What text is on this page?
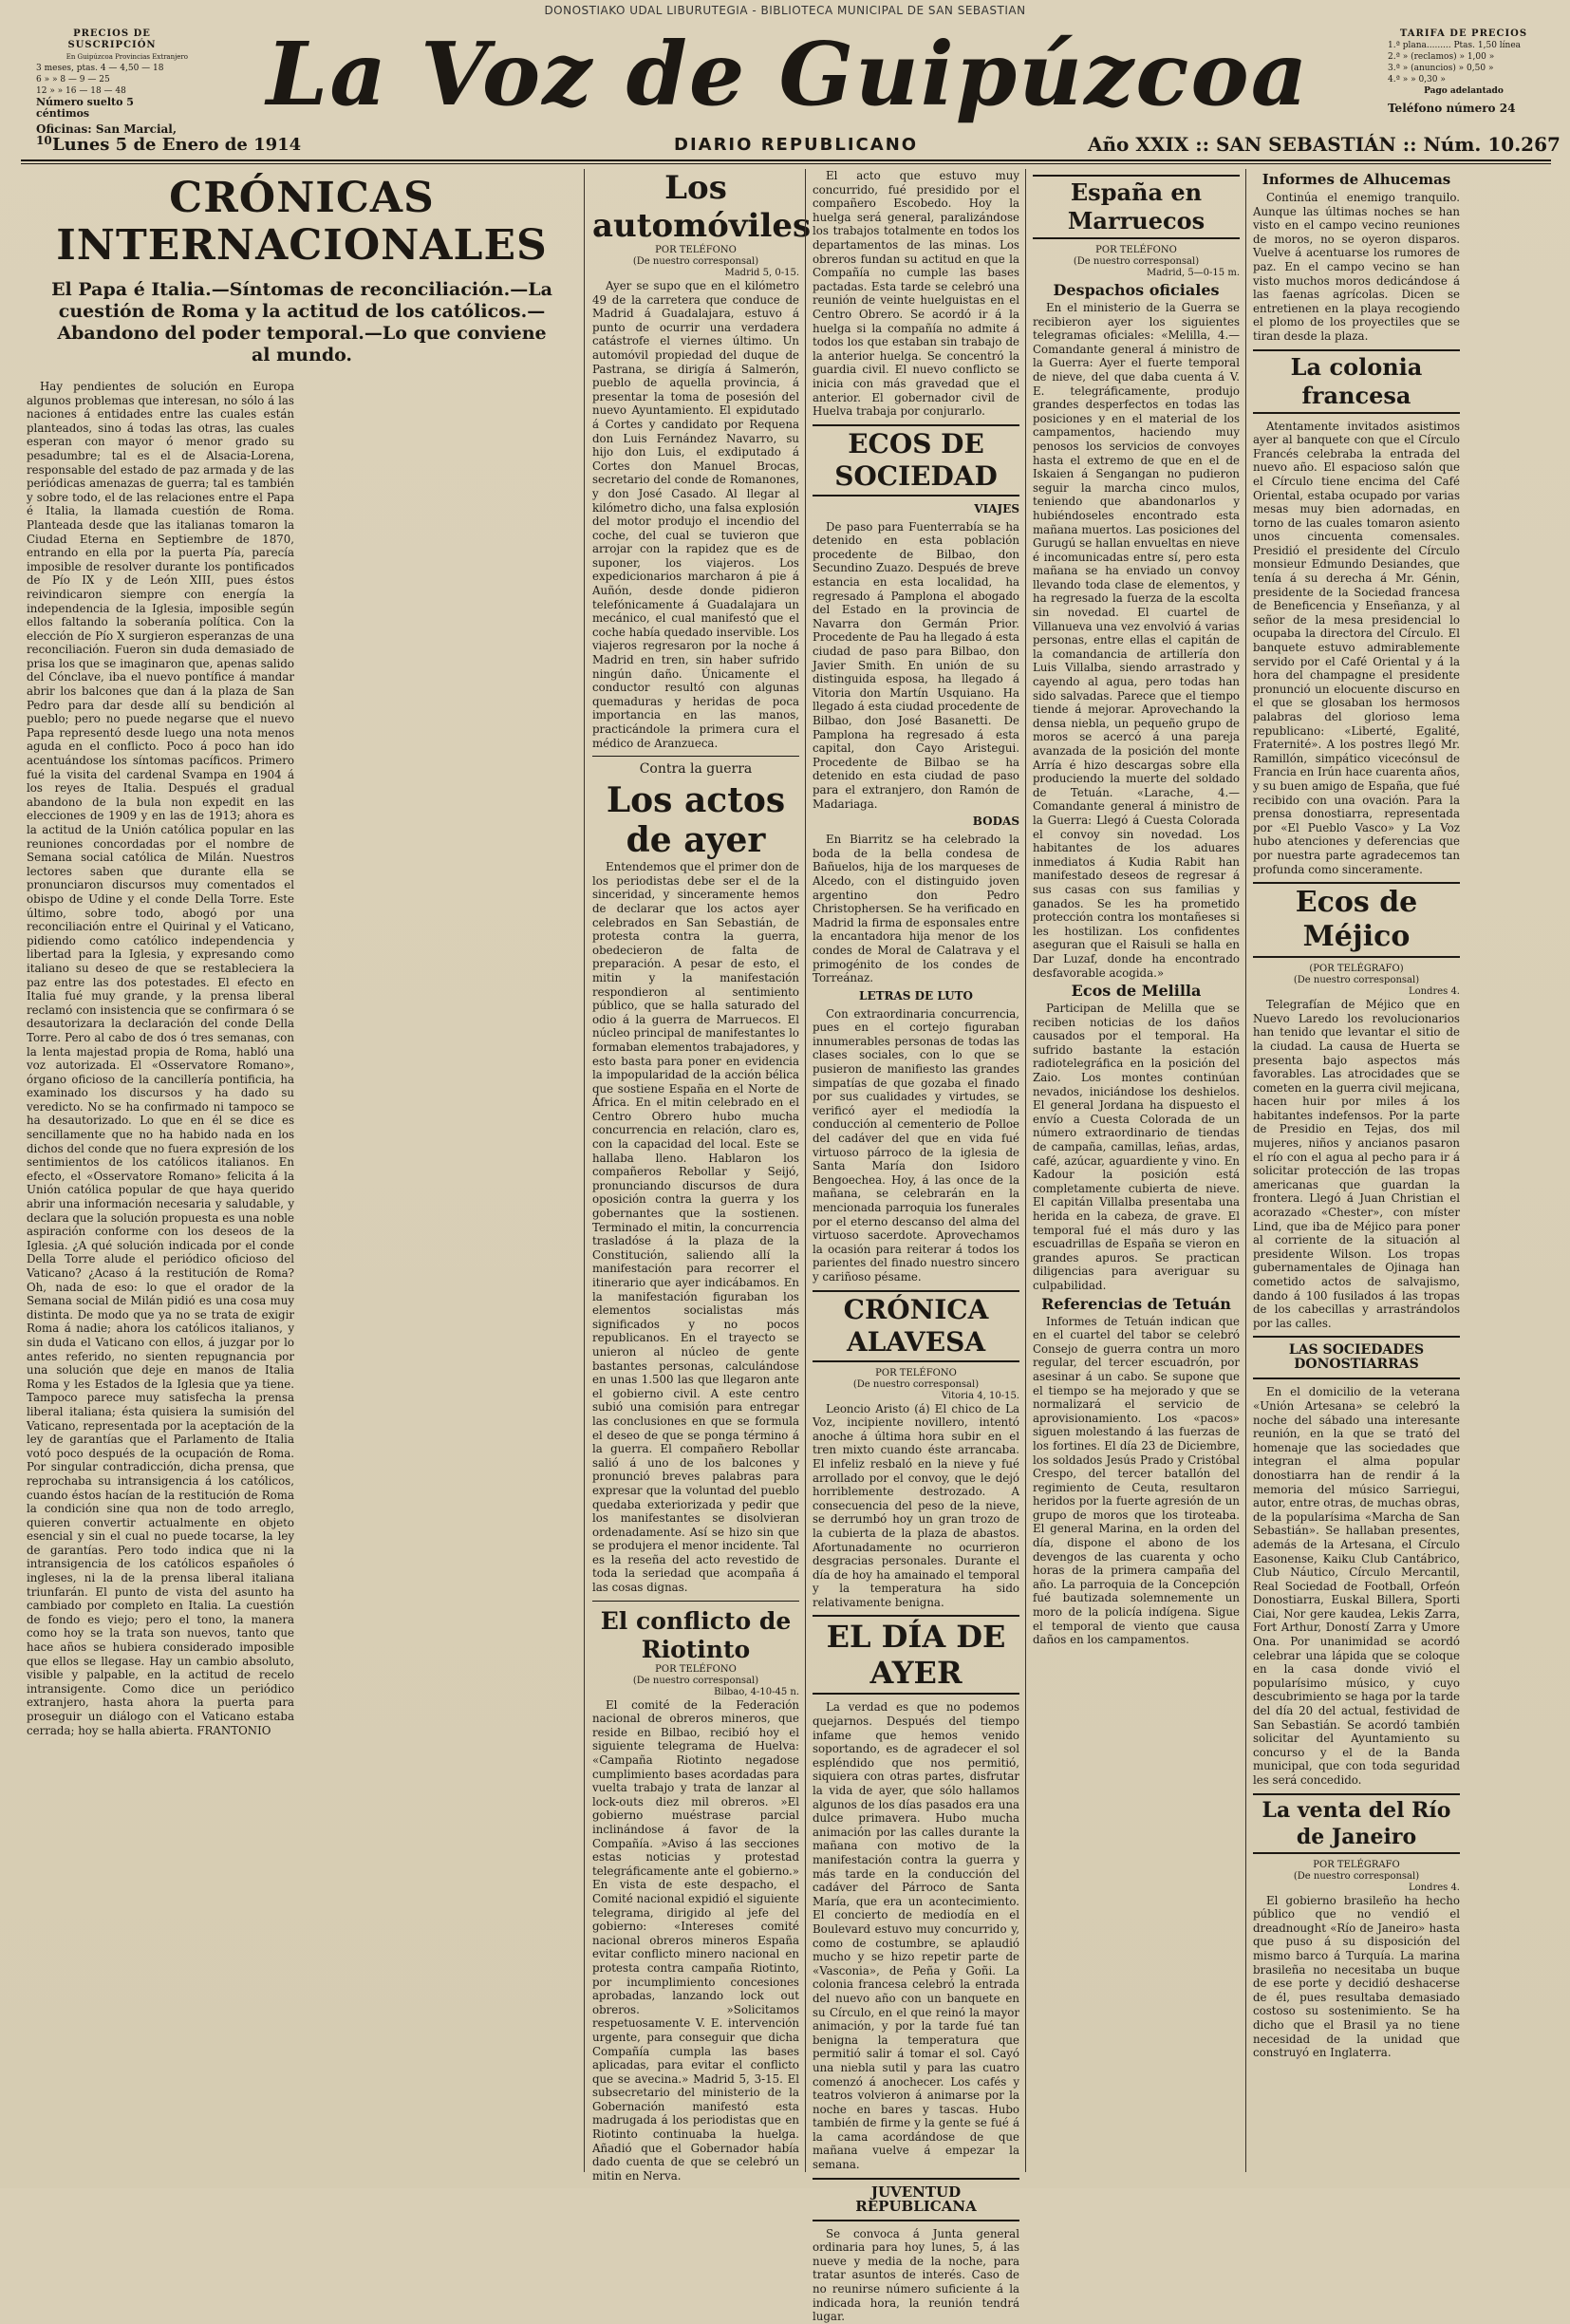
DONOSTIAKO UDAL LIBURUTEGIA - BIBLIOTECA MUNICIPAL DE SAN SEBASTIAN
PRECIOS DE SUSCRIPCIÓN
En Guipúzcoa Provincias Extranjero
3 meses, ptas. 4 — 4,50 — 18
6 » » 8 — 9 — 25
12 » » 16 — 18 — 48
Número suelto 5 céntimos
Oficinas: San Marcial, 10
La Voz de Guipúzcoa	TARIFA DE PRECIOS
1.ª plana......... Ptas. 1,50 línea
2.ª » (reclamos) » 1,00 »
3.ª » (anuncios) » 0,50 »
4.ª » » 0,30 »
Pago adelantado
Teléfono número 24
Lunes 5 de Enero de 1914	DIARIO REPUBLICANO	Año XXIX :: SAN SEBASTIÁN :: Núm. 10.267
CRÓNICAS INTERNACIONALES
El Papa é Italia.—Síntomas de reconciliación.—La cuestión de Roma y la actitud de los católicos.—Abandono del poder temporal.—Lo que conviene al mundo.

Hay pendientes de solución en Europa algunos problemas que interesan, no sólo á las naciones á entidades entre las cuales están planteados, sino á todas las otras, las cuales esperan con mayor ó menor grado su pesadumbre; tal es el de Alsacia-Lorena, responsable del estado de paz armada y de las periódicas amenazas de guerra; tal es también y sobre todo, el de las relaciones entre el Papa é Italia, la llamada cuestión de Roma. Planteada desde que las italianas tomaron la Ciudad Eterna en Septiembre de 1870, entrando en ella por la puerta Pía, parecía imposible de resolver durante los pontificados de Pío IX y de León XIII, pues éstos reivindicaron siempre con energía la independencia de la Iglesia, imposible según ellos faltando la soberanía política. Con la elección de Pío X surgieron esperanzas de una reconciliación. Fueron sin duda demasiado de prisa los que se imaginaron que, apenas salido del Cónclave, iba el nuevo pontífice á mandar abrir los balcones que dan á la plaza de San Pedro para dar desde allí su bendición al pueblo; pero no puede negarse que el nuevo Papa representó desde luego una nota menos aguda en el conflicto. Poco á poco han ido acentuándose los síntomas pacíficos. Primero fué la visita del cardenal Svampa en 1904 á los reyes de Italia. Después el gradual abandono de la bula non expedit en las elecciones de 1909 y en las de 1913; ahora es la actitud de la Unión católica popular en las reuniones concordadas por el nombre de Semana social católica de Milán. Nuestros lectores saben que durante ella se pronunciaron discursos muy comentados el obispo de Udine y el conde Della Torre. Este último, sobre todo, abogó por una reconciliación entre el Quirinal y el Vaticano, pidiendo como católico independencia y libertad para la Iglesia, y expresando como italiano su deseo de que se restableciera la paz entre las dos potestades. El efecto en Italia fué muy grande, y la prensa liberal reclamó con insistencia que se confirmara ó se desautorizara la declaración del conde Della Torre. Pero al cabo de dos ó tres semanas, con la lenta majestad propia de Roma, habló una voz autorizada. El «Osservatore Romano», órgano oficioso de la cancillería pontificia, ha examinado los discursos y ha dado su veredicto. No se ha confirmado ni tampoco se ha desautorizado. Lo que en él se dice es sencillamente que no ha habido nada en los dichos del conde que no fuera expresión de los sentimientos de los católicos italianos. En efecto, el «Osservatore Romano» felicita á la Unión católica popular de que haya querido abrir una información necesaria y saludable, y declara que la solución propuesta es una noble aspiración conforme con los deseos de la Iglesia. ¿A qué solución indicada por el conde Della Torre alude el periódico oficioso del Vaticano? ¿Acaso á la restitución de Roma? Oh, nada de eso: lo que el orador de la Semana social de Milán pidió es una cosa muy distinta. De modo que ya no se trata de exigir Roma á nadie; ahora los católicos italianos, y sin duda el Vaticano con ellos, á juzgar por lo antes referido, no sienten repugnancia por una solución que deje en manos de Italia Roma y les Estados de la Iglesia que ya tiene. Tampoco parece muy satisfecha la prensa liberal italiana; ésta quisiera la sumisión del Vaticano, representada por la aceptación de la ley de garantías que el Parlamento de Italia votó poco después de la ocupación de Roma. Por singular contradicción, dicha prensa, que reprochaba su intransigencia á los católicos, cuando éstos hacían de la restitución de Roma la condición sine qua non de todo arreglo, quieren convertir actualmente en objeto esencial y sin el cual no puede tocarse, la ley de garantías. Pero todo indica que ni la intransigencia de los católicos españoles ó ingleses, ni la de la prensa liberal italiana triunfarán. El punto de vista del asunto ha cambiado por completo en Italia. La cuestión de fondo es viejo; pero el tono, la manera como hoy se la trata son nuevos, tanto que hace años se hubiera considerado imposible que ellos se llegase. Hay un cambio absoluto, visible y palpable, en la actitud de recelo intransigente. Como dice un periódico extranjero, hasta ahora la puerta para proseguir un diálogo con el Vaticano estaba cerrada; hoy se halla abierta. FRANTONIO

Los automóviles
POR TELÉFONO
(De nuestro corresponsal)
Madrid 5, 0-15.

Ayer se supo que en el kilómetro 49 de la carretera que conduce de Madrid á Guadalajara, estuvo á punto de ocurrir una verdadera catástrofe el viernes último. Un automóvil propiedad del duque de Pastrana, se dirigía á Salmerón, pueblo de aquella provincia, á presentar la toma de posesión del nuevo Ayuntamiento. El expidutado á Cortes y candidato por Requena don Luis Fernández Navarro, su hijo don Luis, el exdiputado á Cortes don Manuel Brocas, secretario del conde de Romanones, y don José Casado. Al llegar al kilómetro dicho, una falsa explosión del motor produjo el incendio del coche, del cual se tuvieron que arrojar con la rapidez que es de suponer, los viajeros. Los expedicionarios marcharon á pie á Auñón, desde donde pidieron telefónicamente á Guadalajara un mecánico, el cual manifestó que el coche había quedado inservible. Los viajeros regresaron por la noche á Madrid en tren, sin haber sufrido ningún daño. Únicamente el conductor resultó con algunas quemaduras y heridas de poca importancia en las manos, practicándole la primera cura el médico de Aranzueca.

Contra la guerra
Los actos de ayer

Entendemos que el primer don de los periodistas debe ser el de la sinceridad, y sinceramente hemos de declarar que los actos ayer celebrados en San Sebastián, de protesta contra la guerra, obedecieron de falta de preparación. A pesar de esto, el mitin y la manifestación respondieron al sentimiento público, que se halla saturado del odio á la guerra de Marruecos. El núcleo principal de manifestantes lo formaban elementos trabajadores, y esto basta para poner en evidencia la impopularidad de la acción bélica que sostiene España en el Norte de África. En el mitin celebrado en el Centro Obrero hubo mucha concurrencia en relación, claro es, con la capacidad del local. Este se hallaba lleno. Hablaron los compañeros Rebollar y Seijó, pronunciando discursos de dura oposición contra la guerra y los gobernantes que la sostienen. Terminado el mitin, la concurrencia trasladóse á la plaza de la Constitución, saliendo allí la manifestación para recorrer el itinerario que ayer indicábamos. En la manifestación figuraban los elementos socialistas más significados y no pocos republicanos. En el trayecto se unieron al núcleo de gente bastantes personas, calculándose en unas 1.500 las que llegaron ante el gobierno civil. A este centro subió una comisión para entregar las conclusiones en que se formula el deseo de que se ponga término á la guerra. El compañero Rebollar salió á uno de los balcones y pronunció breves palabras para expresar que la voluntad del pueblo quedaba exteriorizada y pedir que los manifestantes se disolvieran ordenadamente. Así se hizo sin que se produjera el menor incidente. Tal es la reseña del acto revestido de toda la seriedad que acompaña á las cosas dignas.

El conflicto de Riotinto
POR TELÉFONO
(De nuestro corresponsal)
Bilbao, 4-10-45 n.

El comité de la Federación nacional de obreros mineros, que reside en Bilbao, recibió hoy el siguiente telegrama de Huelva: «Campaña Riotinto negadose cumplimiento bases acordadas para vuelta trabajo y trata de lanzar al lock-outs diez mil obreros. »El gobierno muéstrase parcial inclinándose á favor de la Compañía. »Aviso á las secciones estas noticias y protestad telegráficamente ante el gobierno.» En vista de este despacho, el Comité nacional expidió el siguiente telegrama, dirigido al jefe del gobierno: «Intereses comité nacional obreros mineros España evitar conflicto minero nacional en protesta contra campaña Riotinto, por incumplimiento concesiones aprobadas, lanzando lock out obreros. »Solicitamos respetuosamente V. E. intervención urgente, para conseguir que dicha Compañía cumpla las bases aplicadas, para evitar el conflicto que se avecina.» Madrid 5, 3-15. El subsecretario del ministerio de la Gobernación manifestó esta madrugada á los periodistas que en Riotinto continuaba la huelga. Añadió que el Gobernador había dado cuenta de que se celebró un mitin en Nerva.

El acto que estuvo muy concurrido, fué presidido por el compañero Escobedo. Hoy la huelga será general, paralizándose los trabajos totalmente en todos los departamentos de las minas. Los obreros fundan su actitud en que la Compañía no cumple las bases pactadas. Esta tarde se celebró una reunión de veinte huelguistas en el Centro Obrero. Se acordó ir á la huelga si la compañía no admite á todos los que estaban sin trabajo de la anterior huelga. Se concentró la guardia civil. El nuevo conflicto se inicia con más gravedad que el anterior. El gobernador civil de Huelva trabaja por conjurarlo.

ECOS DE SOCIEDAD
VIAJES

De paso para Fuenterrabía se ha detenido en esta población procedente de Bilbao, don Secundino Zuazo. Después de breve estancia en esta localidad, ha regresado á Pamplona el abogado del Estado en la provincia de Navarra don Germán Prior. Procedente de Pau ha llegado á esta ciudad de paso para Bilbao, don Javier Smith. En unión de su distinguida esposa, ha llegado á Vitoria don Martín Usquiano. Ha llegado á esta ciudad procedente de Bilbao, don José Basanetti. De Pamplona ha regresado á esta capital, don Cayo Aristegui. Procedente de Bilbao se ha detenido en esta ciudad de paso para el extranjero, don Ramón de Madariaga.

BODAS

En Biarritz se ha celebrado la boda de la bella condesa de Bañuelos, hija de los marqueses de Alcedo, con el distinguido joven argentino don Pedro Christophersen. Se ha verificado en Madrid la firma de esponsales entre la encantadora hija menor de los condes de Moral de Calatrava y el primogénito de los condes de Torreánaz.

LETRAS DE LUTO

Con extraordinaria concurrencia, pues en el cortejo figuraban innumerables personas de todas las clases sociales, con lo que se pusieron de manifiesto las grandes simpatías de que gozaba el finado por sus cualidades y virtudes, se verificó ayer el mediodía la conducción al cementerio de Polloe del cadáver del que en vida fué virtuoso párroco de la iglesia de Santa María don Isidoro Bengoechea. Hoy, á las once de la mañana, se celebrarán en la mencionada parroquia los funerales por el eterno descanso del alma del virtuoso sacerdote. Aprovechamos la ocasión para reiterar á todos los parientes del finado nuestro sincero y cariñoso pésame.

CRÓNICA ALAVESA
POR TELÉFONO
(De nuestro corresponsal)
Vitoria 4, 10-15.

Leoncio Aristo (á) El chico de La Voz, incipiente novillero, intentó anoche á última hora subir en el tren mixto cuando éste arrancaba. El infeliz resbaló en la nieve y fué arrollado por el convoy, que le dejó horriblemente destrozado. A consecuencia del peso de la nieve, se derrumbó hoy un gran trozo de la cubierta de la plaza de abastos. Afortunadamente no ocurrieron desgracias personales. Durante el día de hoy ha amainado el temporal y la temperatura ha sido relativamente benigna.

EL DÍA DE AYER

La verdad es que no podemos quejarnos. Después del tiempo infame que hemos venido soportando, es de agradecer el sol espléndido que nos permitió, siquiera con otras partes, disfrutar la vida de ayer, que sólo hallamos algunos de los días pasados era una dulce primavera. Hubo mucha animación por las calles durante la mañana con motivo de la manifestación contra la guerra y más tarde en la conducción del cadáver del Párroco de Santa María, que era un acontecimiento. El concierto de mediodía en el Boulevard estuvo muy concurrido y, como de costumbre, se aplaudió mucho y se hizo repetir parte de «Vasconia», de Peña y Goñi. La colonia francesa celebró la entrada del nuevo año con un banquete en su Círculo, en el que reinó la mayor animación, y por la tarde fué tan benigna la temperatura que permitió salir á tomar el sol. Cayó una niebla sutil y para las cuatro comenzó á anochecer. Los cafés y teatros volvieron á animarse por la noche en bares y tascas. Hubo también de firme y la gente se fué á la cama acordándose de que mañana vuelve á empezar la semana.

JUVENTUD REPUBLICANA

Se convoca á Junta general ordinaria para hoy lunes, 5, á las nueve y media de la noche, para tratar asuntos de interés. Caso de no reunirse número suficiente á la indicada hora, la reunión tendrá lugar.

España en Marruecos
POR TELÉFONO
(De nuestro corresponsal)
Madrid, 5—0-15 m.
Despachos oficiales

En el ministerio de la Guerra se recibieron ayer los siguientes telegramas oficiales: «Melilla, 4.—Comandante general á ministro de la Guerra: Ayer el fuerte temporal de nieve, del que daba cuenta á V. E. telegráficamente, produjo grandes desperfectos en todas las posiciones y en el material de los campamentos, haciendo muy penosos los servicios de convoyes hasta el extremo de que en el de Iskaien á Sengangan no pudieron seguir la marcha cinco mulos, teniendo que abandonarlos y hubiéndoseles encontrado esta mañana muertos. Las posiciones del Gurugú se hallan envueltas en nieve é incomunicadas entre sí, pero esta mañana se ha enviado un convoy llevando toda clase de elementos, y ha regresado la fuerza de la escolta sin novedad. El cuartel de Villanueva una vez envolvió á varias personas, entre ellas el capitán de la comandancia de artillería don Luis Villalba, siendo arrastrado y cayendo al agua, pero todas han sido salvadas. Parece que el tiempo tiende á mejorar. Aprovechando la densa niebla, un pequeño grupo de moros se acercó á una pareja avanzada de la posición del monte Arría é hizo descargas sobre ella produciendo la muerte del soldado de Tetuán. «Larache, 4.—Comandante general á ministro de la Guerra: Llegó á Cuesta Colorada el convoy sin novedad. Los habitantes de los aduares inmediatos á Kudia Rabit han manifestado deseos de regresar á sus casas con sus familias y ganados. Se les ha prometido protección contra los montañeses si les hostilizan. Los confidentes aseguran que el Raisuli se halla en Dar Luzaf, donde ha encontrado desfavorable acogida.»

Ecos de Melilla

Participan de Melilla que se reciben noticias de los daños causados por el temporal. Ha sufrido bastante la estación radiotelegráfica en la posición del Zaio. Los montes continúan nevados, iniciándose los deshielos. El general Jordana ha dispuesto el envío a Cuesta Colorada de un número extraordinario de tiendas de campaña, camillas, leñas, ardas, café, azúcar, aguardiente y vino. En Kadour la posición está completamente cubierta de nieve. El capitán Villalba presentaba una herida en la cabeza, de grave. El temporal fué el más duro y las escuadrillas de España se vieron en grandes apuros. Se practican diligencias para averiguar su culpabilidad.

Referencias de Tetuán

Informes de Tetuán indican que en el cuartel del tabor se celebró Consejo de guerra contra un moro regular, del tercer escuadrón, por asesinar á un cabo. Se supone que el tiempo se ha mejorado y que se normalizará el servicio de aprovisionamiento. Los «pacos» siguen molestando á las fuerzas de los fortines. El día 23 de Diciembre, los soldados Jesús Prado y Cristóbal Crespo, del tercer batallón del regimiento de Ceuta, resultaron heridos por la fuerte agresión de un grupo de moros que los tiroteaba. El general Marina, en la orden del día, dispone el abono de los devengos de las cuarenta y ocho horas de la primera campaña del año. La parroquia de la Concepción fué bautizada solemnemente un moro de la policía indígena. Sigue el temporal de viento que causa daños en los campamentos.

Informes de Alhucemas

Continúa el enemigo tranquilo. Aunque las últimas noches se han visto en el campo vecino reuniones de moros, no se oyeron disparos. Vuelve á acentuarse los rumores de paz. En el campo vecino se han visto muchos moros dedicándose á las faenas agrícolas. Dicen se entretienen en la playa recogiendo el plomo de los proyectiles que se tiran desde la plaza.

La colonia francesa

Atentamente invitados asistimos ayer al banquete con que el Círculo Francés celebraba la entrada del nuevo año. El espacioso salón que el Círculo tiene encima del Café Oriental, estaba ocupado por varias mesas muy bien adornadas, en torno de las cuales tomaron asiento unos cincuenta comensales. Presidió el presidente del Círculo monsieur Edmundo Desiandes, que tenía á su derecha á Mr. Génin, presidente de la Sociedad francesa de Beneficencia y Enseñanza, y al señor de la mesa presidencial lo ocupaba la directora del Círculo. El banquete estuvo admirablemente servido por el Café Oriental y á la hora del champagne el presidente pronunció un elocuente discurso en el que se glosaban los hermosos palabras del glorioso lema republicano: «Liberté, Egalité, Fraternité». A los postres llegó Mr. Ramillón, simpático vicecónsul de Francia en Irún hace cuarenta años, y su buen amigo de España, que fué recibido con una ovación. Para la prensa donostiarra, representada por «El Pueblo Vasco» y La Voz hubo atenciones y deferencias que por nuestra parte agradecemos tan profunda como sinceramente.

Ecos de Méjico
(POR TELÉGRAFO)
(De nuestro corresponsal)
Londres 4.

Telegrafían de Méjico que en Nuevo Laredo los revolucionarios han tenido que levantar el sitio de la ciudad. La causa de Huerta se presenta bajo aspectos más favorables. Las atrocidades que se cometen en la guerra civil mejicana, hacen huir por miles á los habitantes indefensos. Por la parte de Presidio en Tejas, dos mil mujeres, niños y ancianos pasaron el río con el agua al pecho para ir á solicitar protección de las tropas americanas que guardan la frontera. Llegó á Juan Christian el acorazado «Chester», con míster Lind, que iba de Méjico para poner al corriente de la situación al presidente Wilson. Los tropas gubernamentales de Ojinaga han cometido actos de salvajismo, dando á 100 fusilados á las tropas de los cabecillas y arrastrándolos por las calles.

LAS SOCIEDADES DONOSTIARRAS

En el domicilio de la veterana «Unión Artesana» se celebró la noche del sábado una interesante reunión, en la que se trató del homenaje que las sociedades que integran el alma popular donostiarra han de rendir á la memoria del músico Sarriegui, autor, entre otras, de muchas obras, de la popularísima «Marcha de San Sebastián». Se hallaban presentes, además de la Artesana, el Círculo Easonense, Kaiku Club Cantábrico, Club Náutico, Círculo Mercantil, Real Sociedad de Football, Orfeón Donostiarra, Euskal Billera, Sporti Ciai, Nor gere kaudea, Lekis Zarra, Fort Arthur, Doností Zarra y Umore Ona. Por unanimidad se acordó celebrar una lápida que se coloque en la casa donde vivió el popularísimo músico, y cuyo descubrimiento se haga por la tarde del día 20 del actual, festividad de San Sebastián. Se acordó también solicitar del Ayuntamiento su concurso y el de la Banda municipal, que con toda seguridad les será concedido.

La venta del Río de Janeiro
POR TELÉGRAFO
(De nuestro corresponsal)
Londres 4.

El gobierno brasileño ha hecho público que no vendió el dreadnought «Río de Janeiro» hasta que puso á su disposición del mismo barco á Turquía. La marina brasileña no necesitaba un buque de ese porte y decidió deshacerse de él, pues resultaba demasiado costoso su sostenimiento. Se ha dicho que el Brasil ya no tiene necesidad de la unidad que construyó en Inglaterra.
